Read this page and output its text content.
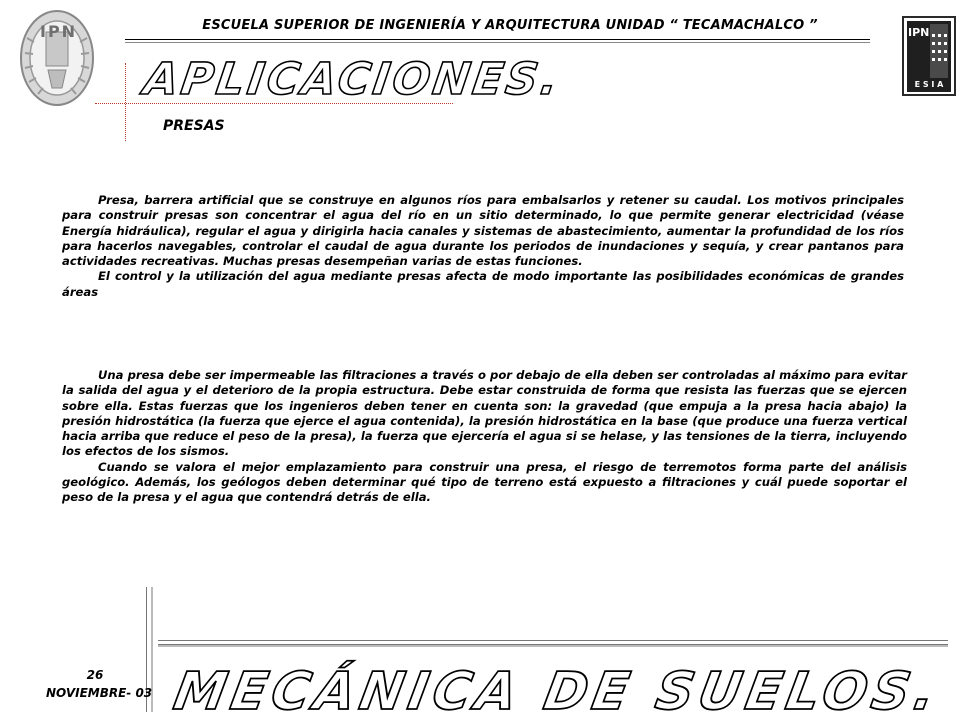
IPN	ESCUELA SUPERIOR DE INGENIERÍA Y ARQUITECTURA UNIDAD “ TECAMACHALCO ”	IPN
E S I A
APLICACIONES.
PRESAS

Presa, barrera artificial que se construye en algunos ríos para embalsarlos y retener su caudal. Los motivos principales para construir presas son concentrar el agua del río en un sitio determinado, lo que permite generar electricidad (véase Energía hidráulica), regular el agua y dirigirla hacia canales y sistemas de abastecimiento, aumentar la profundidad de los ríos para hacerlos navegables, controlar el caudal de agua durante los periodos de inundaciones y sequía, y crear pantanos para actividades recreativas. Muchas presas desempeñan varias de estas funciones.

El control y la utilización del agua mediante presas afecta de modo importante las posibilidades económicas de grandes áreas

Una presa debe ser impermeable las filtraciones a través o por debajo de ella deben ser controladas al máximo para evitar la salida del agua y el deterioro de la propia estructura. Debe estar construida de forma que resista las fuerzas que se ejercen sobre ella. Estas fuerzas que los ingenieros deben tener en cuenta son: la gravedad (que empuja a la presa hacia abajo) la presión hidrostática (la fuerza que ejerce el agua contenida), la presión hidrostática en la base (que produce una fuerza vertical hacia arriba que reduce el peso de la presa), la fuerza que ejercería el agua si se helase, y las tensiones de la tierra, incluyendo los efectos de los sismos.

Cuando se valora el mejor emplazamiento para construir una presa, el riesgo de terremotos forma parte del análisis geológico. Además, los geólogos deben determinar qué tipo de terreno está expuesto a filtraciones y cuál puede soportar el peso de la presa y el agua que contendrá detrás de ella.

26
NOVIEMBRE- 03 MECÁNICA DE SUELOS.
